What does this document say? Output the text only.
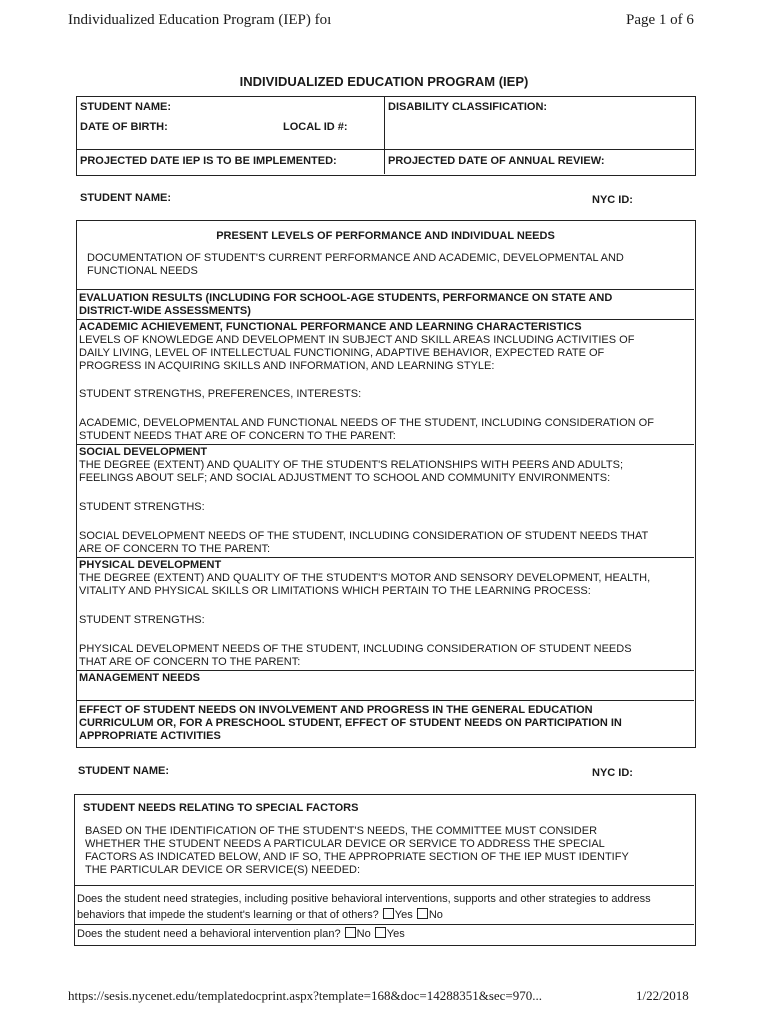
Individualized Education Program (IEP) foı	Page 1 of 6
INDIVIDUALIZED EDUCATION PROGRAM (IEP)
STUDENT NAME:
DATE OF BIRTH:	LOCAL ID #:
DISABILITY CLASSIFICATION:
PROJECTED DATE IEP IS TO BE IMPLEMENTED:	PROJECTED DATE OF ANNUAL REVIEW:
STUDENT NAME:	NYC ID:
PRESENT LEVELS OF PERFORMANCE AND INDIVIDUAL NEEDS
DOCUMENTATION OF STUDENT'S CURRENT PERFORMANCE AND ACADEMIC, DEVELOPMENTAL AND
FUNCTIONAL NEEDS
EVALUATION RESULTS (INCLUDING FOR SCHOOL-AGE STUDENTS, PERFORMANCE ON STATE AND
DISTRICT-WIDE ASSESSMENTS)
ACADEMIC ACHIEVEMENT, FUNCTIONAL PERFORMANCE AND LEARNING CHARACTERISTICS
LEVELS OF KNOWLEDGE AND DEVELOPMENT IN SUBJECT AND SKILL AREAS INCLUDING ACTIVITIES OF
DAILY LIVING, LEVEL OF INTELLECTUAL FUNCTIONING, ADAPTIVE BEHAVIOR, EXPECTED RATE OF
PROGRESS IN ACQUIRING SKILLS AND INFORMATION, AND LEARNING STYLE:
STUDENT STRENGTHS, PREFERENCES, INTERESTS:
ACADEMIC, DEVELOPMENTAL AND FUNCTIONAL NEEDS OF THE STUDENT, INCLUDING CONSIDERATION OF
STUDENT NEEDS THAT ARE OF CONCERN TO THE PARENT:
SOCIAL DEVELOPMENT
THE DEGREE (EXTENT) AND QUALITY OF THE STUDENT'S RELATIONSHIPS WITH PEERS AND ADULTS;
FEELINGS ABOUT SELF; AND SOCIAL ADJUSTMENT TO SCHOOL AND COMMUNITY ENVIRONMENTS:
STUDENT STRENGTHS:
SOCIAL DEVELOPMENT NEEDS OF THE STUDENT, INCLUDING CONSIDERATION OF STUDENT NEEDS THAT
ARE OF CONCERN TO THE PARENT:
PHYSICAL DEVELOPMENT
THE DEGREE (EXTENT) AND QUALITY OF THE STUDENT'S MOTOR AND SENSORY DEVELOPMENT, HEALTH,
VITALITY AND PHYSICAL SKILLS OR LIMITATIONS WHICH PERTAIN TO THE LEARNING PROCESS:
STUDENT STRENGTHS:
PHYSICAL DEVELOPMENT NEEDS OF THE STUDENT, INCLUDING CONSIDERATION OF STUDENT NEEDS
THAT ARE OF CONCERN TO THE PARENT:
MANAGEMENT NEEDS
EFFECT OF STUDENT NEEDS ON INVOLVEMENT AND PROGRESS IN THE GENERAL EDUCATION
CURRICULUM OR, FOR A PRESCHOOL STUDENT, EFFECT OF STUDENT NEEDS ON PARTICIPATION IN
APPROPRIATE ACTIVITIES
STUDENT NAME:	NYC ID:
STUDENT NEEDS RELATING TO SPECIAL FACTORS
BASED ON THE IDENTIFICATION OF THE STUDENT'S NEEDS, THE COMMITTEE MUST CONSIDER
WHETHER THE STUDENT NEEDS A PARTICULAR DEVICE OR SERVICE TO ADDRESS THE SPECIAL
FACTORS AS INDICATED BELOW, AND IF SO, THE APPROPRIATE SECTION OF THE IEP MUST IDENTIFY
THE PARTICULAR DEVICE OR SERVICE(S) NEEDED:
Does the student need strategies, including positive behavioral interventions, supports and other strategies to address
behaviors that impede the student's learning or that of others? Yes No
Does the student need a behavioral intervention plan? No Yes
https://sesis.nycenet.edu/templatedocprint.aspx?template=168&doc=14288351&sec=970...	1/22/2018
